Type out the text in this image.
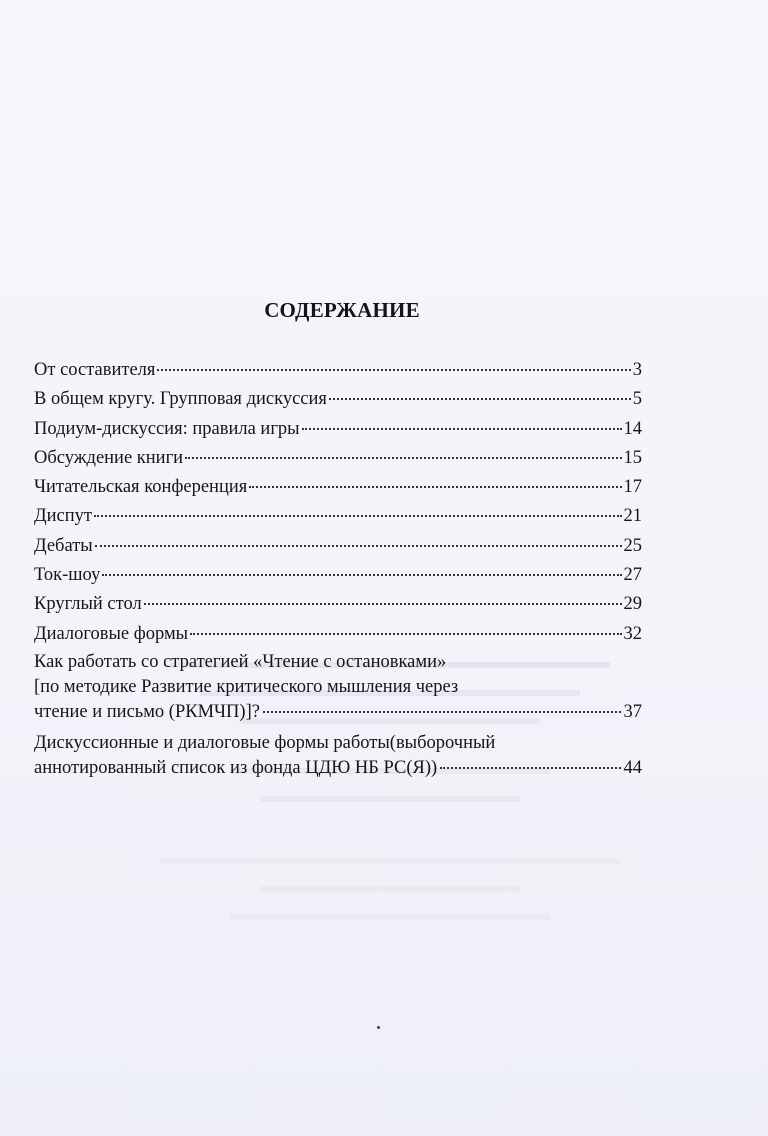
СОДЕРЖАНИЕ
От составителя	3
В общем кругу. Групповая дискуссия	5
Подиум-дискуссия: правила игры	14
Обсуждение книги	15
Читательская конференция	17
Диспут	21
Дебаты	25
Ток-шоу	27
Круглый стол	29
Диалоговые формы	32
Как работать со стратегией «Чтение с остановками»
[по методике Развитие критического мышления через
чтение и письмо (РКМЧП)]?	37
Дискуссионные и диалоговые формы работы(выборочный
аннотированный список из фонда ЦДЮ НБ РС(Я))	44
